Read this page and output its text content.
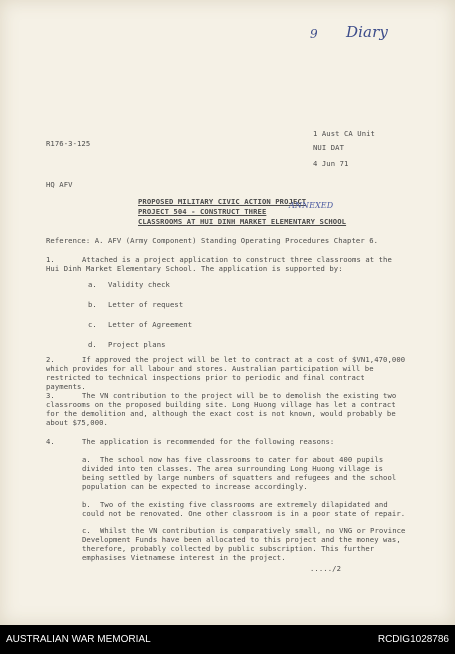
9 Diary
R176-3-125
1 Aust CA Unit
NUI DAT
4 Jun 71
HQ AFV
PROPOSED MILITARY CIVIC ACTION PROJECT
PROJECT 504 - CONSTRUCT THREE
ANNEXED
CLASSROOMS AT HUI DINH MARKET ELEMENTARY SCHOOL
Reference: A. AFV (Army Component) Standing Operating Procedures Chapter 6.
1.	Attached is a project application to construct three classrooms at the Hui Dinh Market Elementary School. The application is supported by:
a. Validity check
b. Letter of request
c. Letter of Agreement
d. Project plans
2.	If approved the project will be let to contract at a cost of $VN1,470,000 which provides for all labour and stores. Australian participation will be restricted to technical inspections prior to periodic and final contract payments.
3.	The VN contribution to the project will be to demolish the existing two classrooms on the proposed building site. Long Huong village has let a contract for the demolition and, although the exact cost is not known, would probably be about $75,000.
4.	The application is recommended for the following reasons:
a.	The school now has five classrooms to cater for about 400 pupils divided into ten classes. The area surrounding Long Huong village is being settled by large numbers of squatters and refugees and the school population can be expected to increase accordingly.
b.	Two of the existing five classrooms are extremely dilapidated and could not be renovated. One other classroom is in a poor state of repair.
c.	Whilst the VN contribution is comparatively small, no VNG or Province Development Funds have been allocated to this project and the money was, therefore, probably collected by public subscription. This further emphasises Vietnamese interest in the project.
...../2
AUSTRALIAN WAR MEMORIAL	RCDIG1028786
